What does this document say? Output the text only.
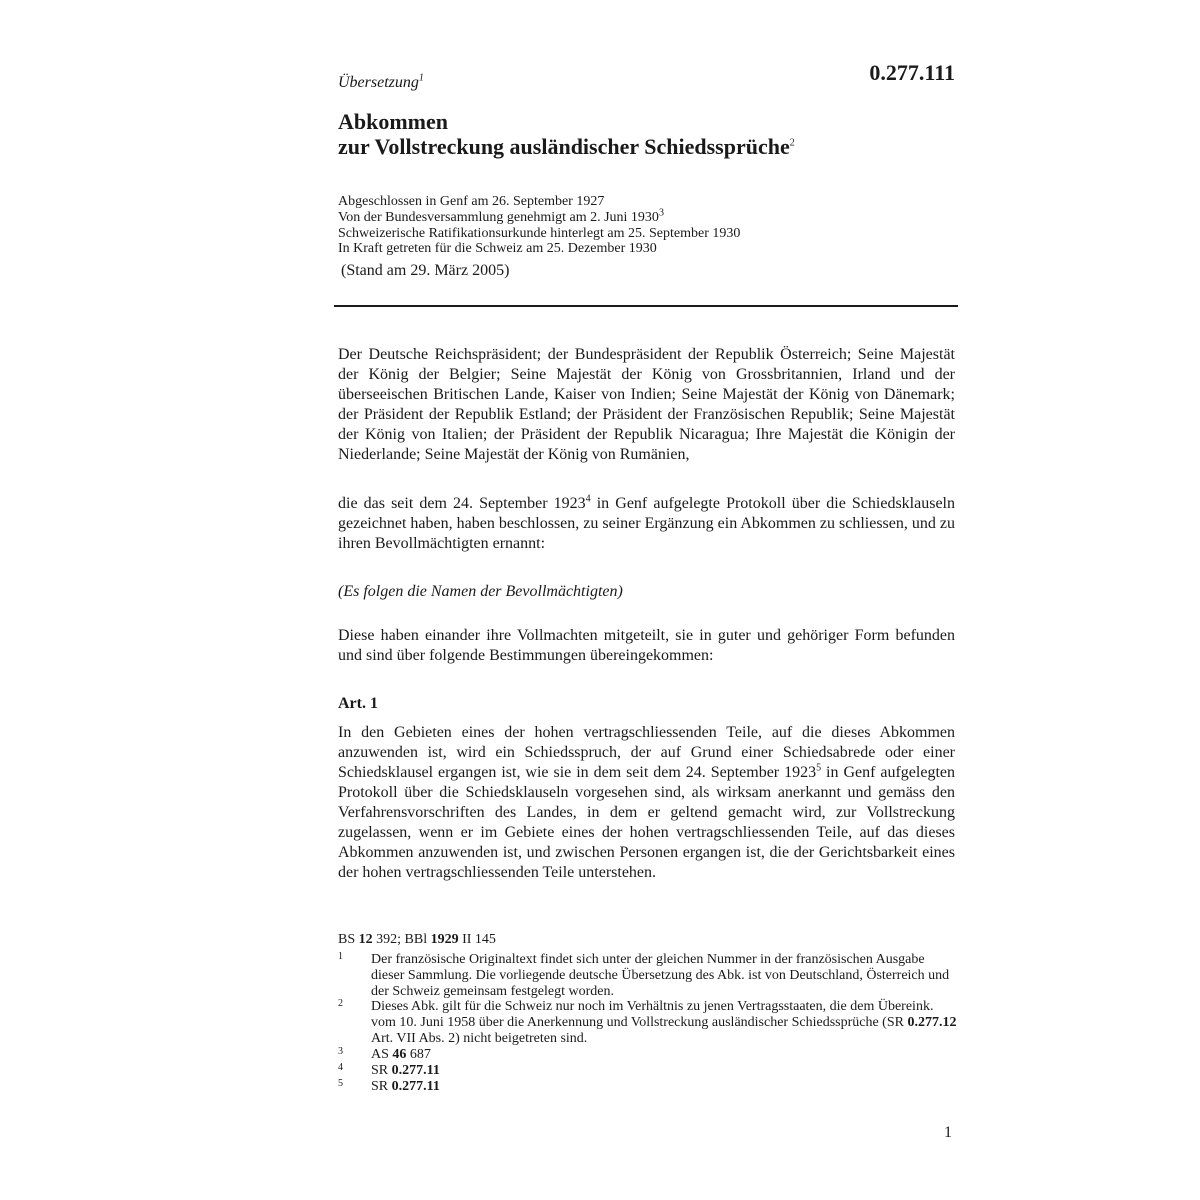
Übersetzung$^1$	0.277.111
Abkommen
zur Vollstreckung ausländischer Schiedssprüche$^2$
Abgeschlossen in Genf am 26. September 1927
Von der Bundesversammlung genehmigt am 2. Juni 1930$^3$
Schweizerische Ratifikationsurkunde hinterlegt am 25. September 1930
In Kraft getreten für die Schweiz am 25. Dezember 1930
(Stand am 29. März 2005)
Der Deutsche Reichspräsident; der Bundespräsident der Republik Österreich; Seine Majestät der König der Belgier; Seine Majestät der König von Grossbritannien, Irland und der überseeischen Britischen Lande, Kaiser von Indien; Seine Majestät der König von Dänemark; der Präsident der Republik Estland; der Präsident der Französischen Republik; Seine Majestät der König von Italien; der Präsident der Republik Nicaragua; Ihre Majestät die Königin der Niederlande; Seine Majestät der König von Rumänien,
die das seit dem 24. September 1923$^4$ in Genf aufgelegte Protokoll über die Schiedsklauseln gezeichnet haben, haben beschlossen, zu seiner Ergänzung ein Abkommen zu schliessen, und zu ihren Bevollmächtigten ernannt:
(Es folgen die Namen der Bevollmächtigten)
Diese haben einander ihre Vollmachten mitgeteilt, sie in guter und gehöriger Form befunden und sind über folgende Bestimmungen übereingekommen:
Art. 1
In den Gebieten eines der hohen vertragschliessenden Teile, auf die dieses Abkommen anzuwenden ist, wird ein Schiedsspruch, der auf Grund einer Schiedsabrede oder einer Schiedsklausel ergangen ist, wie sie in dem seit dem 24. September 1923$^5$ in Genf aufgelegten Protokoll über die Schiedsklauseln vorgesehen sind, als wirksam anerkannt und gemäss den Verfahrensvorschriften des Landes, in dem er geltend gemacht wird, zur Vollstreckung zugelassen, wenn er im Gebiete eines der hohen vertragschliessenden Teile, auf das dieses Abkommen anzuwenden ist, und zwischen Personen ergangen ist, die der Gerichtsbarkeit eines der hohen vertragschliessenden Teile unterstehen.
BS 12 392; BBl 1929 II 145
1 Der französische Originaltext findet sich unter der gleichen Nummer in der französischen Ausgabe dieser Sammlung. Die vorliegende deutsche Übersetzung des Abk. ist von Deutschland, Österreich und der Schweiz gemeinsam festgelegt worden.
2 Dieses Abk. gilt für die Schweiz nur noch im Verhältnis zu jenen Vertragsstaaten, die dem Übereink. vom 10. Juni 1958 über die Anerkennung und Vollstreckung ausländischer Schiedssprüche (SR 0.277.12 Art. VII Abs. 2) nicht beigetreten sind.
3 AS 46 687
4 SR 0.277.11
5 SR 0.277.11
1
